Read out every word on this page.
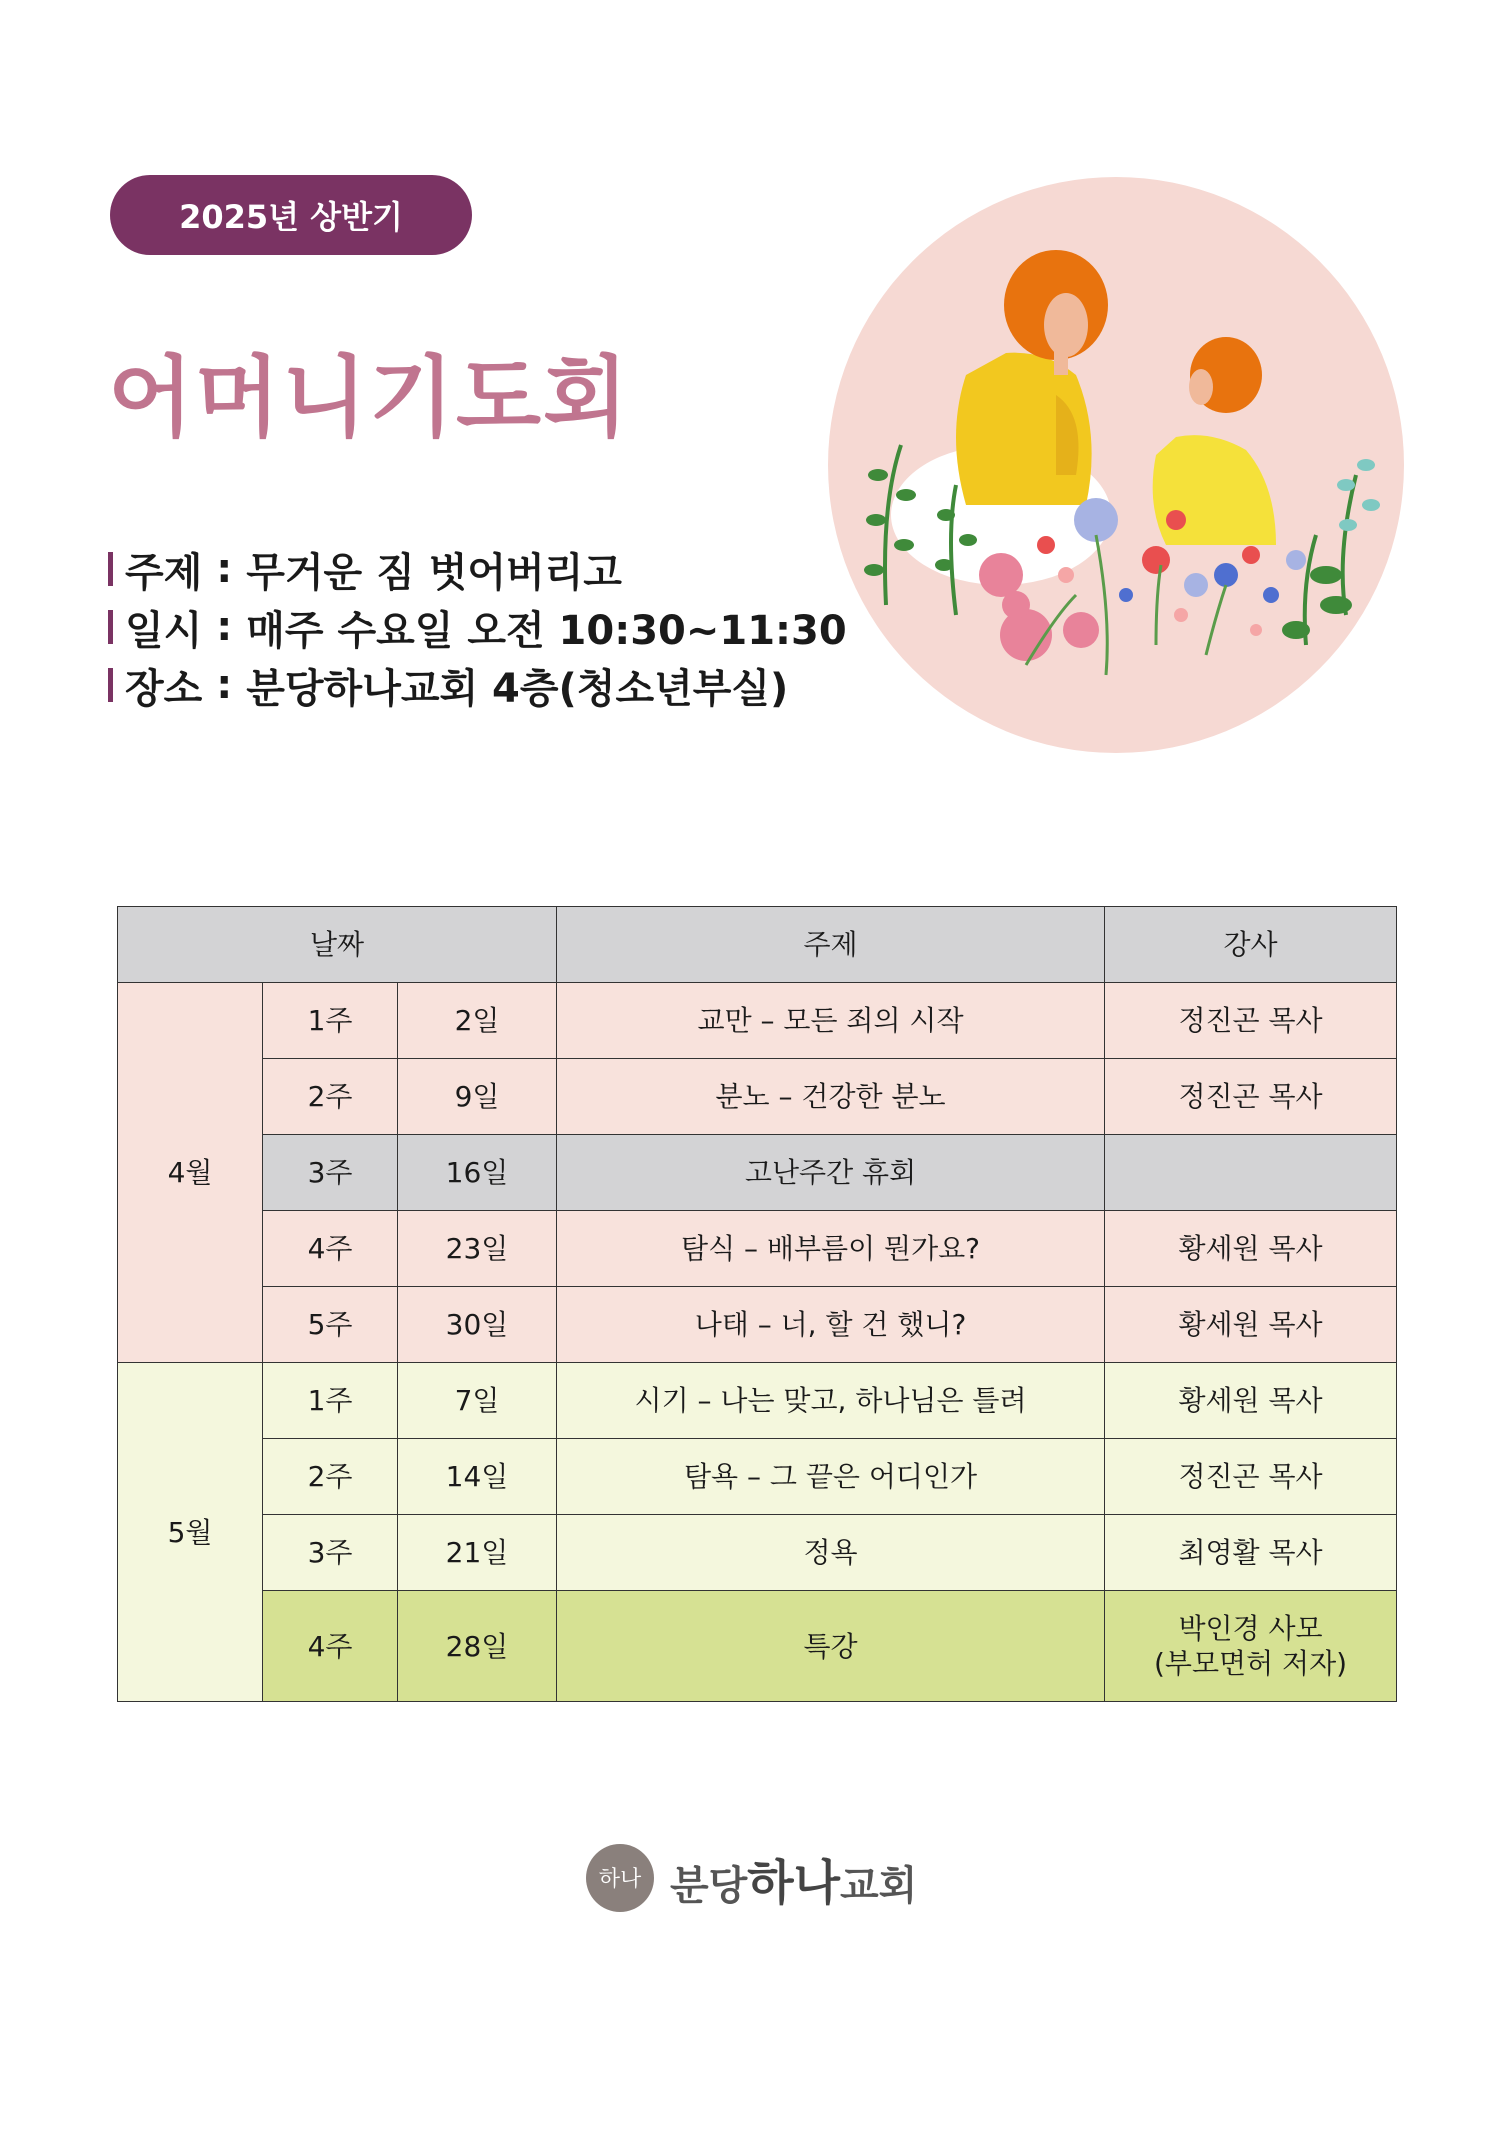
2025년 상반기
어머니기도회
주제 : 무거운 짐 벗어버리고
일시 : 매주 수요일 오전 10:30~11:30
장소 : 분당하나교회 4층(청소년부실)
날짜			주제	강사
4월	1주	2일	교만 – 모든 죄의 시작	정진곤 목사
	2주	9일	분노 – 건강한 분노	정진곤 목사
	3주	16일	고난주간 휴회	
	4주	23일	탐식 – 배부름이 뭔가요?	황세원 목사
	5주	30일	나태 – 너, 할 건 했니?	황세원 목사
5월	1주	7일	시기 – 나는 맞고, 하나님은 틀려	황세원 목사
	2주	14일	탐욕 – 그 끝은 어디인가	정진곤 목사
	3주	21일	정욕	최영활 목사
	4주	28일	특강	박인경 사모
(부모면허 저자)
하나 분당하나교회
